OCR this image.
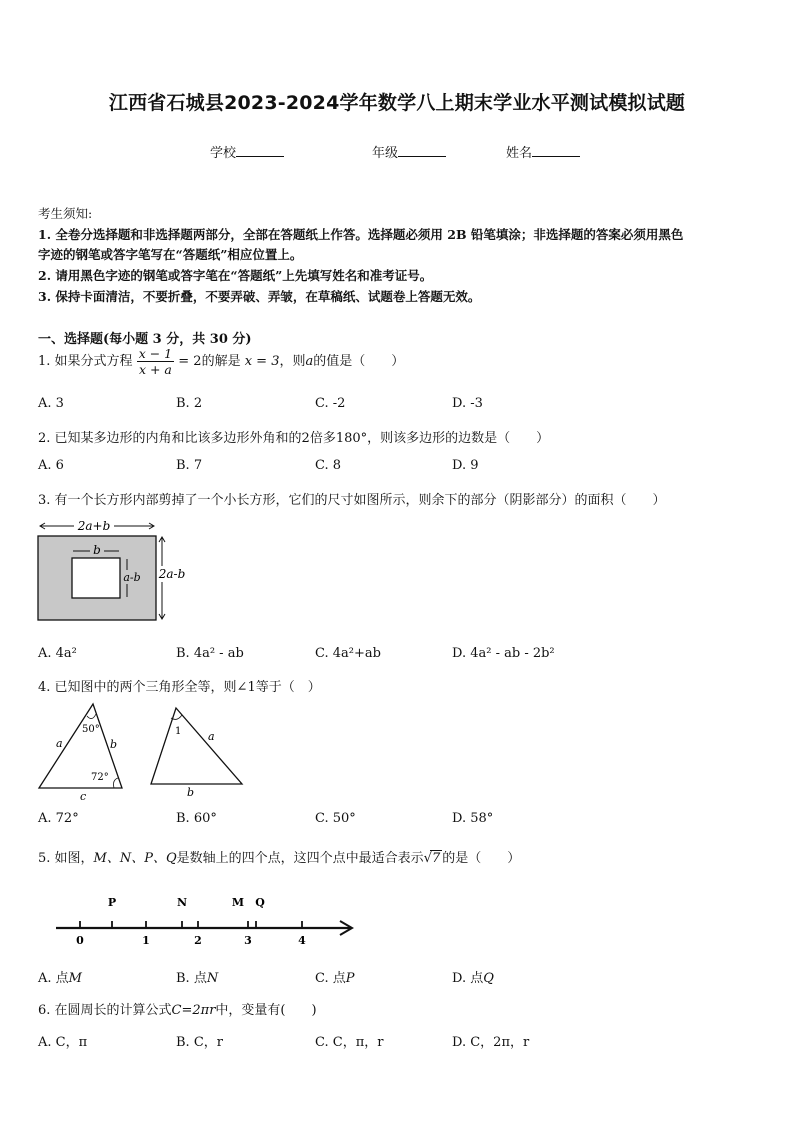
江西省石城县2023-2024学年数学八上期末学业水平测试模拟试题
学校	年级	姓名
考生须知:
1. 全卷分选择题和非选择题两部分，全部在答题纸上作答。选择题必须用 2B 铅笔填涂；非选择题的答案必须用黑色
字迹的钢笔或答字笔写在“答题纸”相应位置上。
2. 请用黑色字迹的钢笔或答字笔在“答题纸”上先填写姓名和准考证号。
3. 保持卡面清洁，不要折叠，不要弄破、弄皱，在草稿纸、试题卷上答题无效。
一、选择题(每小题 3 分，共 30 分)
1. 如果分式方程 $\frac{x - 1}{x + a} = 2$的解是 x = 3，则a的值是（　　）
A. 3	B. 2	C. -2	D. -3
2. 已知某多边形的内角和比该多边形外角和的2倍多180°，则该多边形的边数是（　　）
A. 6	B. 7	C. 8	D. 9
3. 有一个长方形内部剪掉了一个小长方形，它们的尺寸如图所示，则余下的部分（阴影部分）的面积（　　）
2a+b
b
a-b 2a-b
A. 4a²	B. 4a² - ab	C. 4a²+ab	D. 4a² - ab - 2b²
4. 已知图中的两个三角形全等，则∠1等于（　）
50°
72°
a	b
c
1 a
b
A. 72°	B. 60°	C. 50°	D. 58°
5. 如图，M、N、P、Q是数轴上的四个点，这四个点中最适合表示√7 的是（　　）
P	N	M Q
0	1	2	3	4
A. 点M	B. 点N	C. 点P	D. 点Q
6. 在圆周长的计算公式C=2πr中，变量有(　　)
A. C，π	B. C，r	C. C，π，r	D. C，2π，r
